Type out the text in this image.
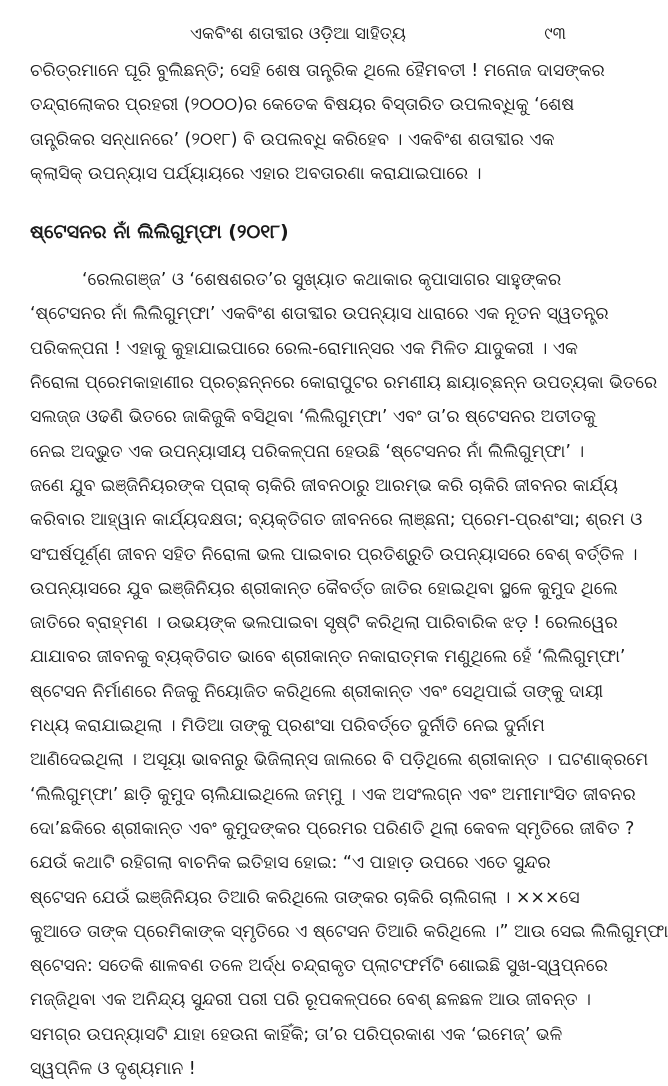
ଏକବିଂଶ ଶତାବ୍ଦୀର ଓଡ଼ିଆ ସାହିତ୍ୟ	୯୩

ଚରିତ୍ରମାନେ ଘୂରି ବୁଲିଛନ୍ତି; ସେହି ଶେଷ ତାନ୍ତ୍ରିକ ଥିଲେ ହୈମବତୀ ! ମନୋଜ ଦାସଙ୍କର
ତନ୍ଦ୍ରାଲୋକର ପ୍ରହରୀ (୨୦୦୦)ର କେତେକ ବିଷୟର ବିସ୍ତାରିତ ଉପଲବ୍ଧିକୁ ‘ଶେଷ
ତାନ୍ତ୍ରିକର ସନ୍ଧାନରେ’ (୨୦୧୮) ବି ଉପଲବ୍ଧି କରିହେବ । ଏକବିଂଶ ଶତାବ୍ଦୀର ଏକ
କ୍ଲାସିକ୍ ଉପନ୍ୟାସ ପର୍ଯ୍ୟାୟରେ ଏହାର ଅବତାରଣା କରାଯାଇପାରେ ।

ଷ୍ଟେସନର ନାଁ ଲିଲିଗୁମ୍ଫା (୨୦୧୮)

‘ରେଲଗଞ୍ଜ’ ଓ ‘ଶେଷଶରତ’ର ସୁଖ୍ୟାତ କଥାକାର କୃପାସାଗର ସାହୁଙ୍କର
‘ଷ୍ଟେସନର ନାଁ ଲିଲିଗୁମ୍ଫା’ ଏକବିଂଶ ଶତାବ୍ଦୀର ଉପନ୍ୟାସ ଧାରାରେ ଏକ ନୂତନ ସ୍ୱତନ୍ତ୍ର
ପରିକଳ୍ପନା ! ଏହାକୁ କୁହାଯାଇପାରେ ରେଲ-ରୋମାନ୍ସର ଏକ ମିଳିତ ଯାଦୁକରୀ । ଏକ
ନିରୋଳା ପ୍ରେମକାହାଣୀର ପ୍ରଚ୍ଛନ୍ନରେ କୋରାପୁଟର ରମଣୀୟ ଛାୟାଚ୍ଛନ୍ନ ଉପତ୍ୟକା ଭିତରେ
ସଲଜ୍ଜ ଓଢଣି ଭିତରେ ଜାକିଜୁକି ବସିଥିବା ‘ଲିଲିଗୁମ୍ଫା’ ଏବଂ ତା’ର ଷ୍ଟେସନର ଅତୀତକୁ
ନେଇ ଅଦ୍ଭୁତ ଏକ ଉପନ୍ୟାସୀୟ ପରିକଳ୍ପନା ହେଉଛି ‘ଷ୍ଟେସନର ନାଁ ଲିଲିଗୁମ୍ଫା’ ।
ଜଣେ ଯୁବ ଇଞ୍ଜିନିୟରଙ୍କ ପ୍ରାକ୍ ଚାକିରି ଜୀବନଠାରୁ ଆରମ୍ଭ କରି ଚାକିରି ଜୀବନର କାର୍ଯ୍ୟ
କରିବାର ଆହ୍ୱାନ କାର୍ଯ୍ୟଦକ୍ଷତା; ବ୍ୟକ୍ତିଗତ ଜୀବନରେ ଲାଞ୍ଛନା; ପ୍ରେମ-ପ୍ରଶଂସା; ଶ୍ରମ ଓ
ସଂଘର୍ଷପୂର୍ଣ୍ଣ ଜୀବନ ସହିତ ନିରୋଳା ଭଲ ପାଇବାର ପ୍ରତିଶ୍ରୁତି ଉପନ୍ୟାସରେ ବେଶ୍ ବର୍ତ୍ତିଳ ।
ଉପନ୍ୟାସରେ ଯୁବ ଇଞ୍ଜିନିୟର ଶ୍ରୀକାନ୍ତ କୈବର୍ତ୍ତ ଜାତିର ହୋଇଥିବା ସ୍ଥଳେ କୁମୁଦ ଥିଲେ
ଜାତିରେ ବ୍ରାହ୍ମଣ । ଉଭୟଙ୍କ ଭଲପାଇବା ସୃଷ୍ଟି କରିଥିଲା ପାରିବାରିକ ଝଡ଼ ! ରେଲୱେର
ଯାଯାବର ଜୀବନକୁ ବ୍ୟକ୍ତିଗତ ଭାବେ ଶ୍ରୀକାନ୍ତ ନକାରାତ୍ମକ ମଣୁଥିଲେ ହେଁ ‘ଲିଲିଗୁମ୍ଫା’
ଷ୍ଟେସନ ନିର୍ମାଣରେ ନିଜକୁ ନିୟୋଜିତ କରିଥିଲେ ଶ୍ରୀକାନ୍ତ ଏବଂ ସେଥିପାଇଁ ତାଙ୍କୁ ଦାୟୀ
ମଧ୍ୟ କରାଯାଇଥିଲା । ମିଡିଆ ତାଙ୍କୁ ପ୍ରଶଂସା ପରିବର୍ତ୍ତେ ଦୁର୍ନୀତି ନେଇ ଦୁର୍ନାମ
ଆଣିଦେଇଥିଲା । ଅସୂୟା ଭାବନାରୁ ଭିଜିଲାନ୍ସ ଜାଲରେ ବି ପଡ଼ିଥିଲେ ଶ୍ରୀକାନ୍ତ । ଘଟଣାକ୍ରମେ
‘ଲିଲିଗୁମ୍ଫା’ ଛାଡ଼ି କୁମୁଦ ଚାଲିଯାଇଥିଲେ ଜମ୍ମୁ । ଏକ ଅସଂଲଗ୍ନ ଏବଂ ଅମୀମାଂସିତ ଜୀବନର
ଦୋ’ଛକିରେ ଶ୍ରୀକାନ୍ତ ଏବଂ କୁମୁଦଙ୍କର ପ୍ରେମର ପରିଣତି ଥିଲା କେବଳ ସ୍ମୃତିରେ ଜୀବିତ ?
ଯେଉଁ କଥାଟି ରହିଗଲା ବାଚନିକ ଇତିହାସ ହୋଇ: “ଏ ପାହାଡ଼ ଉପରେ ଏତେ ସୁନ୍ଦର
ଷ୍ଟେସନ ଯେଉଁ ଇଞ୍ଜିନିୟର ତିଆରି କରିଥିଲେ ତାଙ୍କର ଚାକିରି ଚାଲିଗଲା । ×××ସେ
କୁଆଡେ ତାଙ୍କ ପ୍ରେମିକାଙ୍କ ସ୍ମୃତିରେ ଏ ଷ୍ଟେସନ ତିଆରି କରିଥିଲେ ।” ଆଉ ସେଇ ଲିଲିଗୁମ୍ଫା
ଷ୍ଟେସନ: ସତେକି ଶାଳବଣ ତଳେ ଅର୍ଦ୍ଧ ଚନ୍ଦ୍ରାକୃତ ପ୍ଲାଟଫର୍ମଟି ଶୋଇଛି ସୁଖ-ସ୍ୱପ୍ନରେ
ମଜ୍ଜିଥିବା ଏକ ଅନିନ୍ଦ୍ୟ ସୁନ୍ଦରୀ ପରୀ ପରି ରୂପକଳ୍ପରେ ବେଶ୍ ଛଳଛଳ ଆଉ ଜୀବନ୍ତ ।
ସମଗ୍ର ଉପନ୍ୟାସଟି ଯାହା ହେଉନା କାହିଁକି; ତା’ର ପରିପ୍ରକାଶ ଏକ ‘ଇମେଜ୍’ ଭଳି
ସ୍ୱପ୍ନିଳ ଓ ଦୃଶ୍ୟମାନ !
